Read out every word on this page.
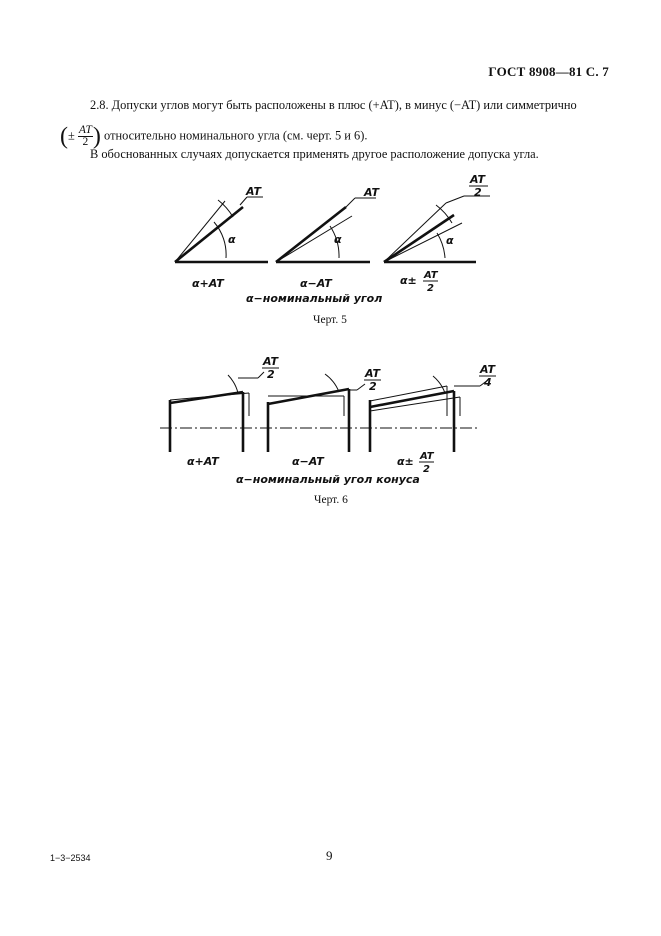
ГОСТ 8908—81 С. 7
2.8. Допуски углов могут быть расположены в плюс (+AT), в минус (−AT) или симметрично
(± $\frac{AT}{2}$ ) относительно номинального угла (см. черт. 5 и 6).
В обоснованных случаях допускается применять другое расположение допуска угла.
AT
α
AT
α
AT
2
α
α+AT	α−AT	α± AT
2
α−номинальный угол
Черт. 5
AT
2	AT
2
AT
4
α+AT	α−AT	α± AT
2
α−номинальный угол конуса
Черт. 6
1−3−2534	9
